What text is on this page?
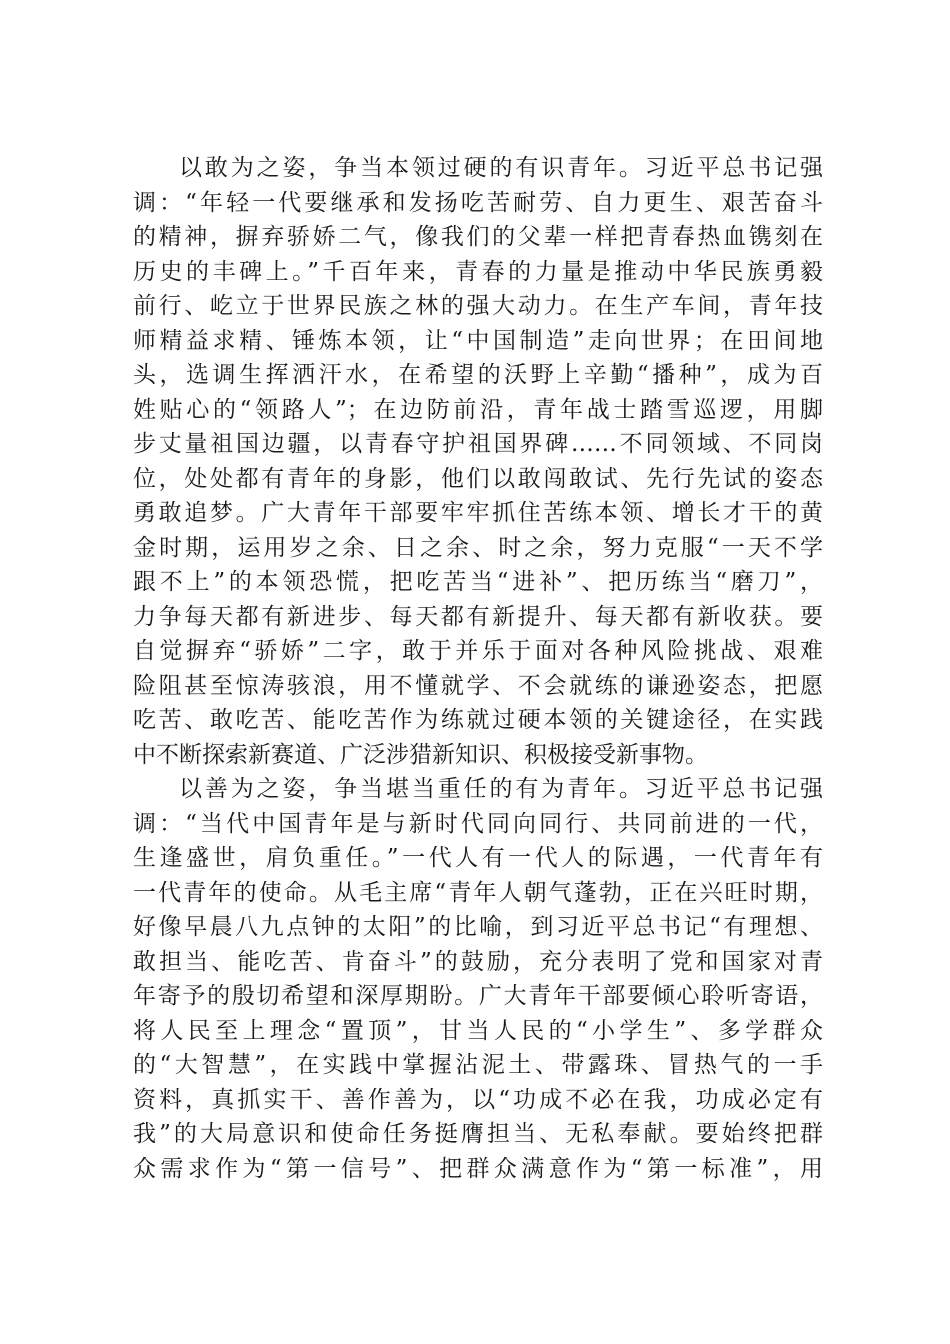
以敢为之姿，争当本领过硬的有识青年。习近平总书记强
调：“年轻一代要继承和发扬吃苦耐劳、自力更生、艰苦奋斗
的精神，摒弃骄娇二气，像我们的父辈一样把青春热血镌刻在
历史的丰碑上。”千百年来，青春的力量是推动中华民族勇毅
前行、屹立于世界民族之林的强大动力。在生产车间，青年技
师精益求精、锤炼本领，让“中国制造”走向世界；在田间地
头，选调生挥洒汗水，在希望的沃野上辛勤“播种”，成为百
姓贴心的“领路人”；在边防前沿，青年战士踏雪巡逻，用脚
步丈量祖国边疆，以青春守护祖国界碑……不同领域、不同岗
位，处处都有青年的身影，他们以敢闯敢试、先行先试的姿态
勇敢追梦。广大青年干部要牢牢抓住苦练本领、增长才干的黄
金时期，运用岁之余、日之余、时之余，努力克服“一天不学
跟不上”的本领恐慌，把吃苦当“进补”、把历练当“磨刀”，
力争每天都有新进步、每天都有新提升、每天都有新收获。要
自觉摒弃“骄娇”二字，敢于并乐于面对各种风险挑战、艰难
险阻甚至惊涛骇浪，用不懂就学、不会就练的谦逊姿态，把愿
吃苦、敢吃苦、能吃苦作为练就过硬本领的关键途径，在实践
中不断探索新赛道、广泛涉猎新知识、积极接受新事物。
以善为之姿，争当堪当重任的有为青年。习近平总书记强
调：“当代中国青年是与新时代同向同行、共同前进的一代，
生逢盛世，肩负重任。”一代人有一代人的际遇，一代青年有
一代青年的使命。从毛主席“青年人朝气蓬勃，正在兴旺时期，
好像早晨八九点钟的太阳”的比喻，到习近平总书记“有理想、
敢担当、能吃苦、肯奋斗”的鼓励，充分表明了党和国家对青
年寄予的殷切希望和深厚期盼。广大青年干部要倾心聆听寄语，
将人民至上理念“置顶”，甘当人民的“小学生”、多学群众
的“大智慧”，在实践中掌握沾泥土、带露珠、冒热气的一手
资料，真抓实干、善作善为，以“功成不必在我，功成必定有
我”的大局意识和使命任务挺膺担当、无私奉献。要始终把群
众需求作为“第一信号”、把群众满意作为“第一标准”，用
